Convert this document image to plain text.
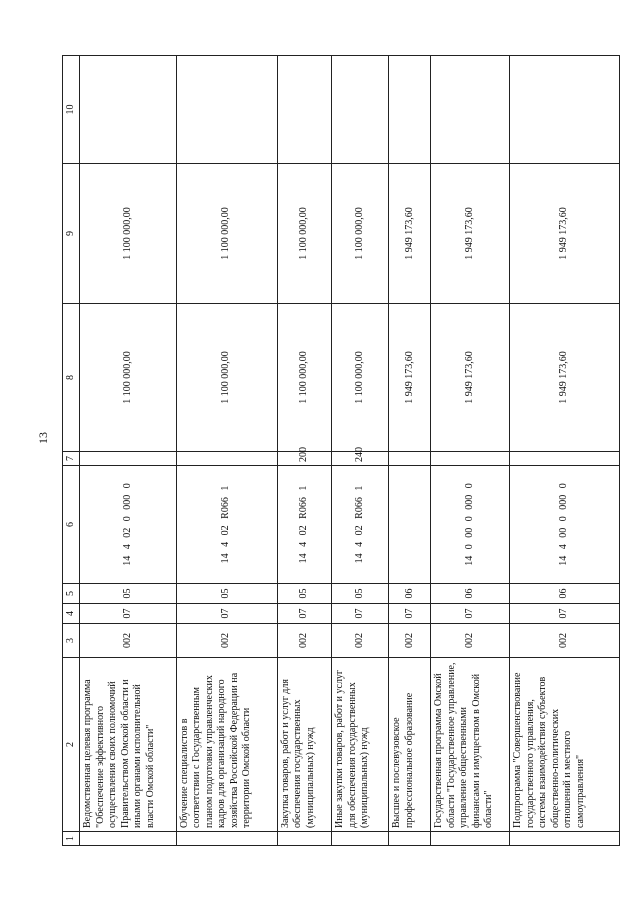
13
1	2	3	4	5	6	7	8	9	10
	Ведомственная целевая программа "Обеспечение эффективного осуществления своих полномочий Правительством Омской области и иными органами исполнительной власти Омской области"	002	07	05	14 4 02 0 000 0		1 100 000,00	1 100 000,00	
	Обучение специалистов в соответствии с Государственным планом подготовки управленческих кадров для организаций народного хозяйства Российской Федерации на территории Омской области	002	07	05	14 4 02 R066 1		1 100 000,00	1 100 000,00	
	Закупка товаров, работ и услуг для обеспечения государственных (муниципальных) нужд	002	07	05	14 4 02 R066 1	200	1 100 000,00	1 100 000,00	
	Иные закупки товаров, работ и услуг для обеспечения государственных (муниципальных) нужд	002	07	05	14 4 02 R066 1	240	1 100 000,00	1 100 000,00	
	Высшее и послевузовское профессиональное образование	002	07	06			1 949 173,60	1 949 173,60	
	Государственная программа Омской области "Государственное управление, управление общественными финансами и имуществом в Омской области"	002	07	06	14 0 00 0 000 0		1 949 173,60	1 949 173,60	
	Подпрограмма "Совершенствование государственного управления, системы взаимодействия субъектов общественно-политических отношений и местного самоуправления"	002	07	06	14 4 00 0 000 0		1 949 173,60	1 949 173,60	
